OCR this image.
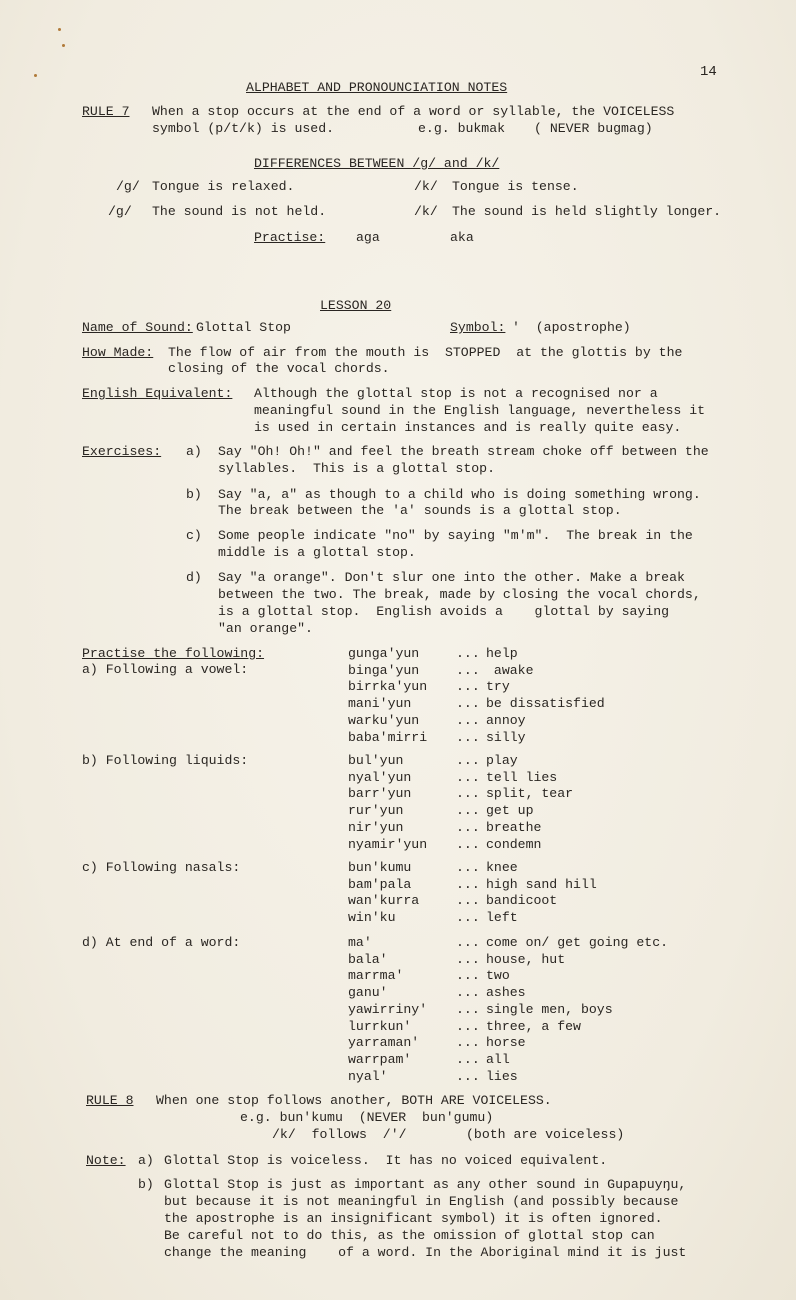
14
ALPHABET AND PRONOUNCIATION NOTES
RULE 7 When a stop occurs at the end of a word or syllable, the VOICELESS
symbol (p/t/k) is used.	e.g. bukmak ( NEVER bugmag)
DIFFERENCES BETWEEN /g/ and /k/
/g/ Tongue is relaxed.	/k/ Tongue is tense.
/g/ The sound is not held.	/k/ The sound is held slightly longer.
Practise: aga	aka
LESSON 20
Name of Sound: Glottal Stop	Symbol: '  (apostrophe)
How Made: The flow of air from the mouth is  STOPPED  at the glottis by the
closing of the vocal chords.
English Equivalent: Although the glottal stop is not a recognised nor a
meaningful sound in the English language, nevertheless it
is used in certain instances and is really quite easy.
Exercises: a) Say "Oh! Oh!" and feel the breath stream choke off between the
syllables.  This is a glottal stop.
b) Say "a, a" as though to a child who is doing something wrong.
The break between the 'a' sounds is a glottal stop.
c) Some people indicate "no" by saying "m'm".  The break in the
middle is a glottal stop.
d) Say "a orange". Don't slur one into the other. Make a break
between the two. The break, made by closing the vocal chords,
is a glottal stop.  English avoids a    glottal by saying
"an orange".
Practise the following:
a) Following a vowel:
gunga'yun	... help
binga'yun	... awake
birrka'yun ... try
mani'yun	... be dissatisfied
warku'yun	... annoy
baba'mirri ... silly
b) Following liquids:	bul'yun	... play
nyal'yun	... tell lies
barr'yun	... split, tear
rur'yun	... get up
nir'yun	... breathe
nyamir'yun ... condemn
c) Following nasals:	bun'kumu	... knee
bam'pala	... high sand hill
wan'kurra	... bandicoot
win'ku	... left
d) At end of a word:	ma'	... come on/ get going etc.
bala'	... house, hut
marrma'	... two
ganu'	... ashes
yawirriny' ... single men, boys
lurrkun'	... three, a few
yarraman'	... horse
warrpam'	... all
nyal'	... lies
RULE 8 When one stop follows another, BOTH ARE VOICELESS.
e.g. bun'kumu  (NEVER  bun'gumu)
/k/  follows  /'/	(both are voiceless)
Note: a) Glottal Stop is voiceless.  It has no voiced equivalent.
b) Glottal Stop is just as important as any other sound in Gupapuyŋu,
but because it is not meaningful in English (and possibly because
the apostrophe is an insignificant symbol) it is often ignored.
Be careful not to do this, as the omission of glottal stop can
change the meaning    of a word. In the Aboriginal mind it is just
